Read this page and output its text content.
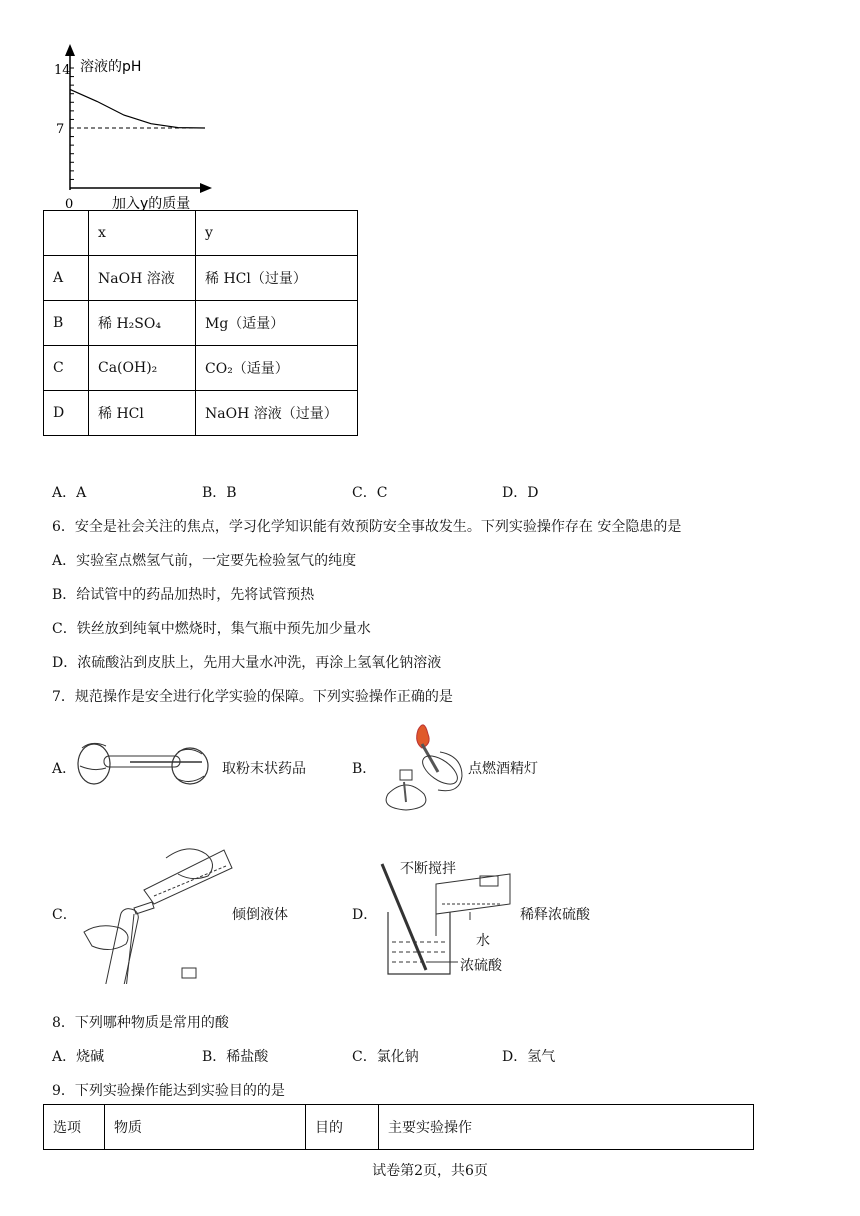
14
7
0
溶液的pH
加入y的质量
	x	y
A	NaOH 溶液	稀 HCl（过量）
B	稀 H₂SO₄	Mg（适量）
C	Ca(OH)₂	CO₂（适量）
D	稀 HCl	NaOH 溶液（过量）
A．A	B．B	C．C	D．D
6．安全是社会关注的焦点，学习化学知识能有效预防安全事故发生。下列实验操作存在 安全隐患的是
A．实验室点燃氢气前，一定要先检验氢气的纯度
B．给试管中的药品加热时，先将试管预热
C．铁丝放到纯氧中燃烧时，集气瓶中预先加少量水
D．浓硫酸沾到皮肤上，先用大量水冲洗，再涂上氢氧化钠溶液
7．规范操作是安全进行化学实验的保障。下列实验操作正确的是
A．	取粉末状药品	B．	点燃酒精灯
C．	倾倒液体	D．
不断搅拌
水
浓硫酸
稀释浓硫酸
8．下列哪种物质是常用的酸
A．烧碱	B．稀盐酸	C．氯化钠	D．氢气
9．下列实验操作能达到实验目的的是
选项	物质	目的	主要实验操作
试卷第2页，共6页
